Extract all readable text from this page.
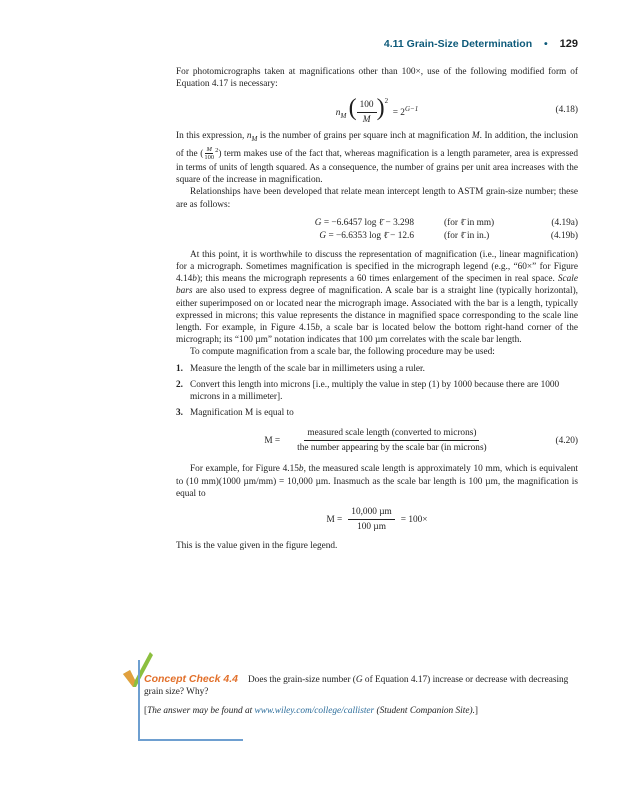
4.11 Grain-Size Determination • 129

For photomicrographs taken at magnifications other than 100×, use of the following modified form of Equation 4.17 is necessary:

$n_M$ ( $\frac{100}{M} )^2 = 2^{G-1}$	(4.18)

In this expression, $n_M$ is the number of grains per square inch at magnification M. In addition, the inclusion of the ( $\frac{M}{100} ^2$) term makes use of the fact that, whereas magnification is a length parameter, area is expressed in terms of units of length squared. As a consequence, the number of grains per unit area increases with the square of the increase in magnification.

Relationships have been developed that relate mean intercept length to ASTM grain-size number; these are as follows:

G = −6.6457 log ℓ̄ − 3.298	(for ℓ̄ in mm)	(4.19a)
G = −6.6353 log ℓ̄ − 12.6	(for ℓ̄ in in.)	(4.19b)

At this point, it is worthwhile to discuss the representation of magnification (i.e., linear magnification) for a micrograph. Sometimes magnification is specified in the micrograph legend (e.g., “60×” for Figure 4.14b); this means the micrograph represents a 60 times enlargement of the specimen in real space. Scale bars are also used to express degree of magnification. A scale bar is a straight line (typically horizontal), either superimposed on or located near the micrograph image. Associated with the bar is a length, typically expressed in microns; this value represents the distance in magnified space corresponding to the scale line length. For example, in Figure 4.15b, a scale bar is located below the bottom right-hand corner of the micrograph; its “100 µm” notation indicates that 100 µm correlates with the scale bar length.

To compute magnification from a scale bar, the following procedure may be used:

1. Measure the length of the scale bar in millimeters using a ruler.
2. Convert this length into microns [i.e., multiply the value in step (1) by 1000 because there are 1000 microns in a millimeter].
3. Magnification M is equal to
$M = \frac{\text{measured scale length (converted to microns)}}{\text{the number appearing by the scale bar (in microns)}}$	(4.20)

For example, for Figure 4.15b, the measured scale length is approximately 10 mm, which is equivalent to (10 mm)(1000 µm/mm) = 10,000 µm. Inasmuch as the scale bar length is 100 µm, the magnification is equal to

$M = \frac{\text{10,000 µm}}{\text{100 µm}} = 100\times$

This is the value given in the figure legend.

Concept Check 4.4 Does the grain-size number (G of Equation 4.17) increase or decrease with decreasing grain size? Why?
[The answer may be found at www.wiley.com/college/callister (Student Companion Site).]
